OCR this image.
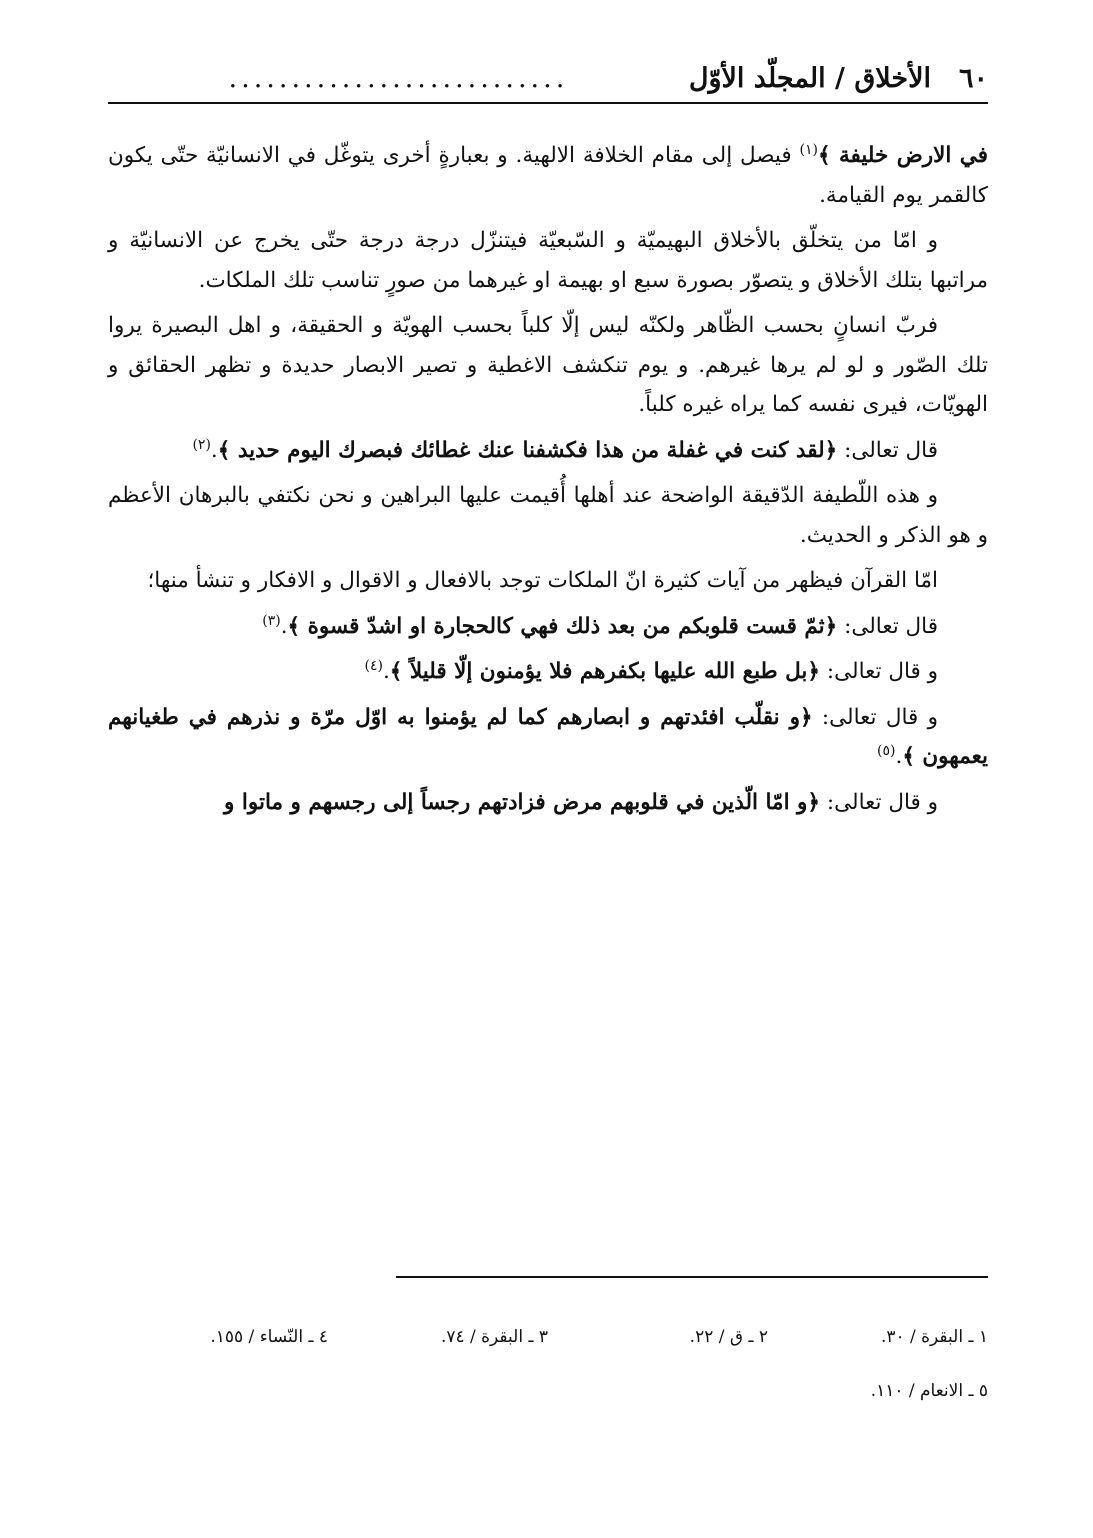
٦٠
الأخلاق / المجلّد الأوّل
...........................

في الارض خليفة ﴾$^{(١)}$ فيصل إلى مقام الخلافة الالهية. و بعبارةٍ أخرى يتوغّل في الانسانيّة حتّى يكون كالقمر يوم القيامة.

و امّا من يتخلّق بالأخلاق البهيميّة و السّبعيّة فيتنزّل درجة درجة حتّى يخرج عن الانسانيّة و مراتبها بتلك الأخلاق و يتصوّر بصورة سبع او بهيمة او غيرهما من صورٍ تناسب تلك الملكات.

فربّ انسانٍ بحسب الظّاهر ولكنّه ليس إلّا كلباً بحسب الهويّة و الحقيقة، و اهل البصيرة يروا تلك الصّور و لو لم يرها غيرهم. و يوم تنكشف الاغطية و تصير الابصار حديدة و تظهر الحقائق و الهويّات، فيرى نفسه كما يراه غيره كلباً.

قال تعالى: ﴿لقد كنت في غفلة من هذا فكشفنا عنك غطائك فبصرك اليوم حديد ﴾.$^{(٢)}$

و هذه اللّطيفة الدّقيقة الواضحة عند أهلها أُقيمت عليها البراهين و نحن نكتفي بالبرهان الأعظم و هو الذكر و الحديث.

امّا القرآن فيظهر من آيات كثيرة انّ الملكات توجد بالافعال و الاقوال و الافكار و تنشأ منها؛

قال تعالى: ﴿ثمّ قست قلوبكم من بعد ذلك فهي كالحجارة او اشدّ قسوة ﴾.$^{(٣)}$

و قال تعالى: ﴿بل طبع الله عليها بكفرهم فلا يؤمنون إلّا قليلاً ﴾.$^{(٤)}$

و قال تعالى: ﴿و نقلّب افئدتهم و ابصارهم كما لم يؤمنوا به اوّل مرّة و نذرهم في طغيانهم يعمهون ﴾.$^{(٥)}$

و قال تعالى: ﴿و امّا الّذين في قلوبهم مرض فزادتهم رجساً إلى رجسهم و ماتوا و

١ ـ البقرة / ٣٠.
٢ ـ ق / ٢٢.
٣ ـ البقرة / ٧٤.
٤ ـ النّساء / ١٥٥.
٥ ـ الانعام / ١١٠.
